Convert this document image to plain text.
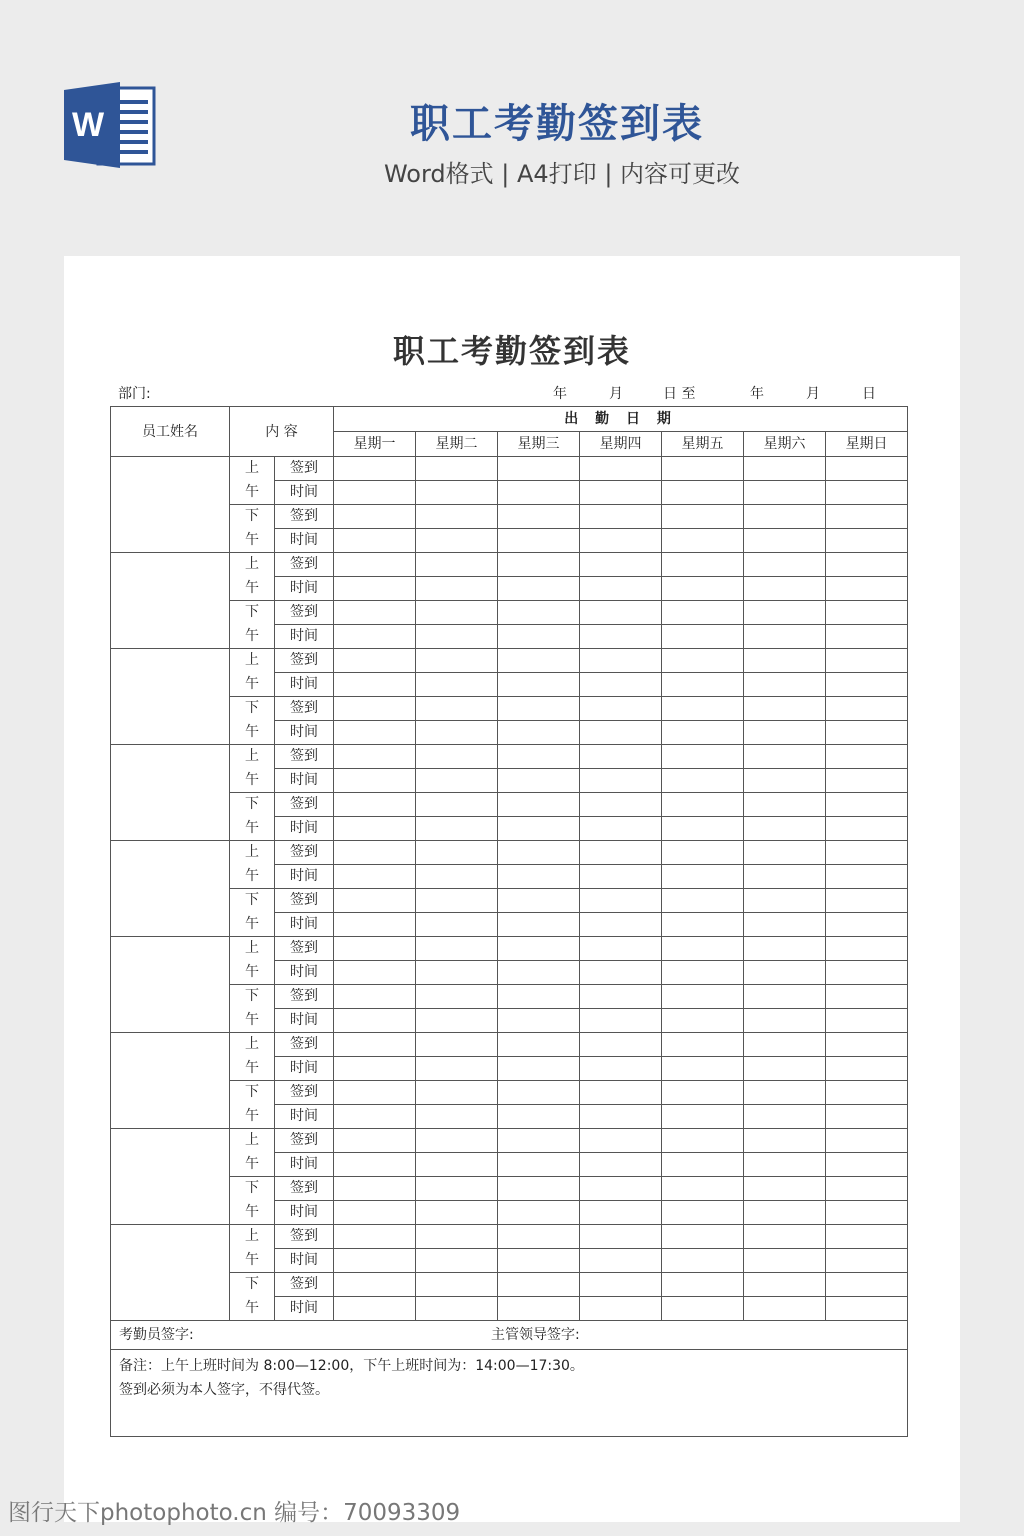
W	职工考勤签到表
Word格式 | A4打印 | 内容可更改
职工考勤签到表
部门:	年	月	日 至	年	月	日
员工姓名	内 容		出 勤 日 期						
			星期一	星期二	星期三	星期四	星期五	星期六	星期日
	上	签到							
	午	时间							
	下	签到							
	午	时间							
	上	签到							
	午	时间							
	下	签到							
	午	时间							
	上	签到							
	午	时间							
	下	签到							
	午	时间							
	上	签到							
	午	时间							
	下	签到							
	午	时间							
	上	签到							
	午	时间							
	下	签到							
	午	时间							
	上	签到							
	午	时间							
	下	签到							
	午	时间							
	上	签到							
	午	时间							
	下	签到							
	午	时间							
	上	签到							
	午	时间							
	下	签到							
	午	时间							
	上	签到							
	午	时间							
	下	签到							
	午	时间							
考勤员签字: 主管领导签字:									

备注：上午上班时间为 8:00—12:00，下午上班时间为：14:00—17:30。
签到必须为本人签字，不得代签。									
图行天下photophoto.cn 编号：70093309
